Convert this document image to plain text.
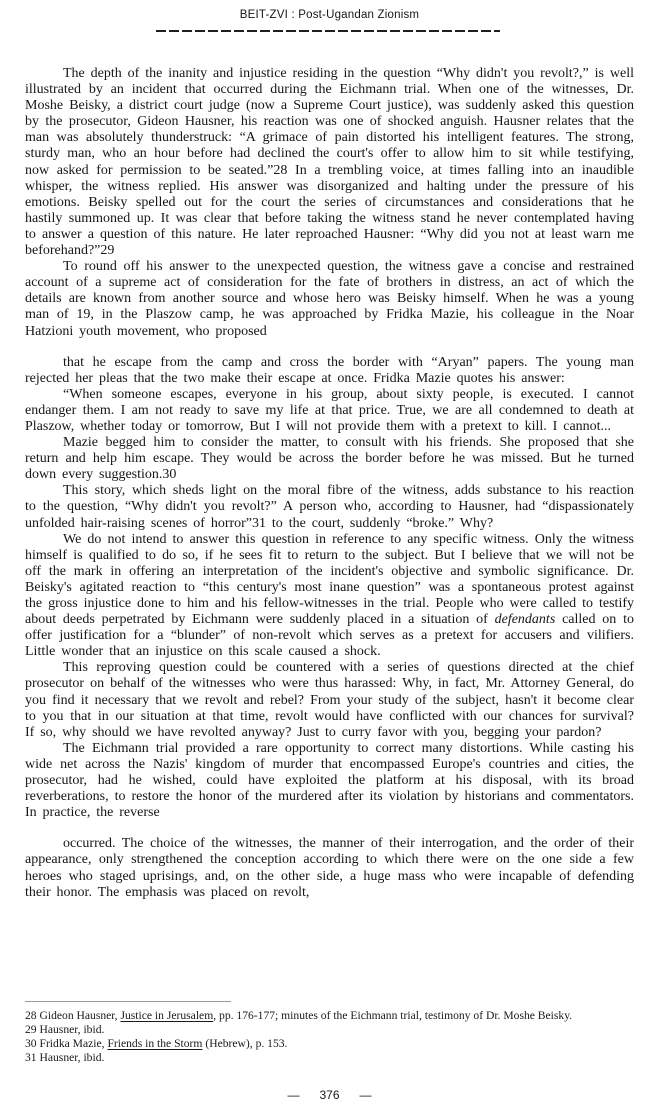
BEIT-ZVI : Post-Ugandan Zionism

The depth of the inanity and injustice residing in the question “Why didn't you revolt?,” is well illustrated by an incident that occurred during the Eichmann trial. When one of the witnesses, Dr. Moshe Beisky, a district court judge (now a Supreme Court justice), was suddenly asked this question by the prosecutor, Gideon Hausner, his reaction was one of shocked anguish. Hausner relates that the man was absolutely thunderstruck: “A grimace of pain distorted his intelligent features. The strong, sturdy man, who an hour before had declined the court's offer to allow him to sit while testifying, now asked for permission to be seated.”28 In a trembling voice, at times falling into an inaudible whisper, the witness replied. His answer was disorganized and halting under the pressure of his emotions. Beisky spelled out for the court the series of circumstances and considerations that he hastily summoned up. It was clear that before taking the witness stand he never contemplated having to answer a question of this nature. He later reproached Hausner: “Why did you not at least warn me beforehand?”29

To round off his answer to the unexpected question, the witness gave a concise and restrained account of a supreme act of consideration for the fate of brothers in distress, an act of which the details are known from another source and whose hero was Beisky himself. When he was a young man of 19, in the Plaszow camp, he was approached by Fridka Mazie, his colleague in the Noar Hatzioni youth movement, who proposed

that he escape from the camp and cross the border with “Aryan” papers. The young man rejected her pleas that the two make their escape at once. Fridka Mazie quotes his answer:

“When someone escapes, everyone in his group, about sixty people, is executed. I cannot endanger them. I am not ready to save my life at that price. True, we are all condemned to death at Plaszow, whether today or tomorrow, But I will not provide them with a pretext to kill. I cannot...

Mazie begged him to consider the matter, to consult with his friends. She proposed that she return and help him escape. They would be across the border before he was missed. But he turned down every suggestion.30

This story, which sheds light on the moral fibre of the witness, adds substance to his reaction to the question, “Why didn't you revolt?” A person who, according to Hausner, had “dispassionately unfolded hair-raising scenes of horror”31 to the court, suddenly “broke.” Why?

We do not intend to answer this question in reference to any specific witness. Only the witness himself is qualified to do so, if he sees fit to return to the subject. But I believe that we will not be off the mark in offering an interpretation of the incident's objective and symbolic significance. Dr. Beisky's agitated reaction to “this century's most inane question” was a spontaneous protest against the gross injustice done to him and his fellow-witnesses in the trial. People who were called to testify about deeds perpetrated by Eichmann were suddenly placed in a situation of defendants called on to offer justification for a “blunder” of non-revolt which serves as a pretext for accusers and vilifiers. Little wonder that an injustice on this scale caused a shock.

This reproving question could be countered with a series of questions directed at the chief prosecutor on behalf of the witnesses who were thus harassed: Why, in fact, Mr. Attorney General, do you find it necessary that we revolt and rebel? From your study of the subject, hasn't it become clear to you that in our situation at that time, revolt would have conflicted with our chances for survival? If so, why should we have revolted anyway? Just to curry favor with you, begging your pardon?

The Eichmann trial provided a rare opportunity to correct many distortions. While casting his wide net across the Nazis' kingdom of murder that encompassed Europe's countries and cities, the prosecutor, had he wished, could have exploited the platform at his disposal, with its broad reverberations, to restore the honor of the murdered after its violation by historians and commentators. In practice, the reverse

occurred. The choice of the witnesses, the manner of their interrogation, and the order of their appearance, only strengthened the conception according to which there were on the one side a few heroes who staged uprisings, and, on the other side, a huge mass who were incapable of defending their honor. The emphasis was placed on revolt,

28 Gideon Hausner, Justice in Jerusalem, pp. 176-177; minutes of the Eichmann trial, testimony of Dr. Moshe Beisky.

29 Hausner, ibid.

30 Fridka Mazie, Friends in the Storm (Hebrew), p. 153.

31 Hausner, ibid.

— 376 —
